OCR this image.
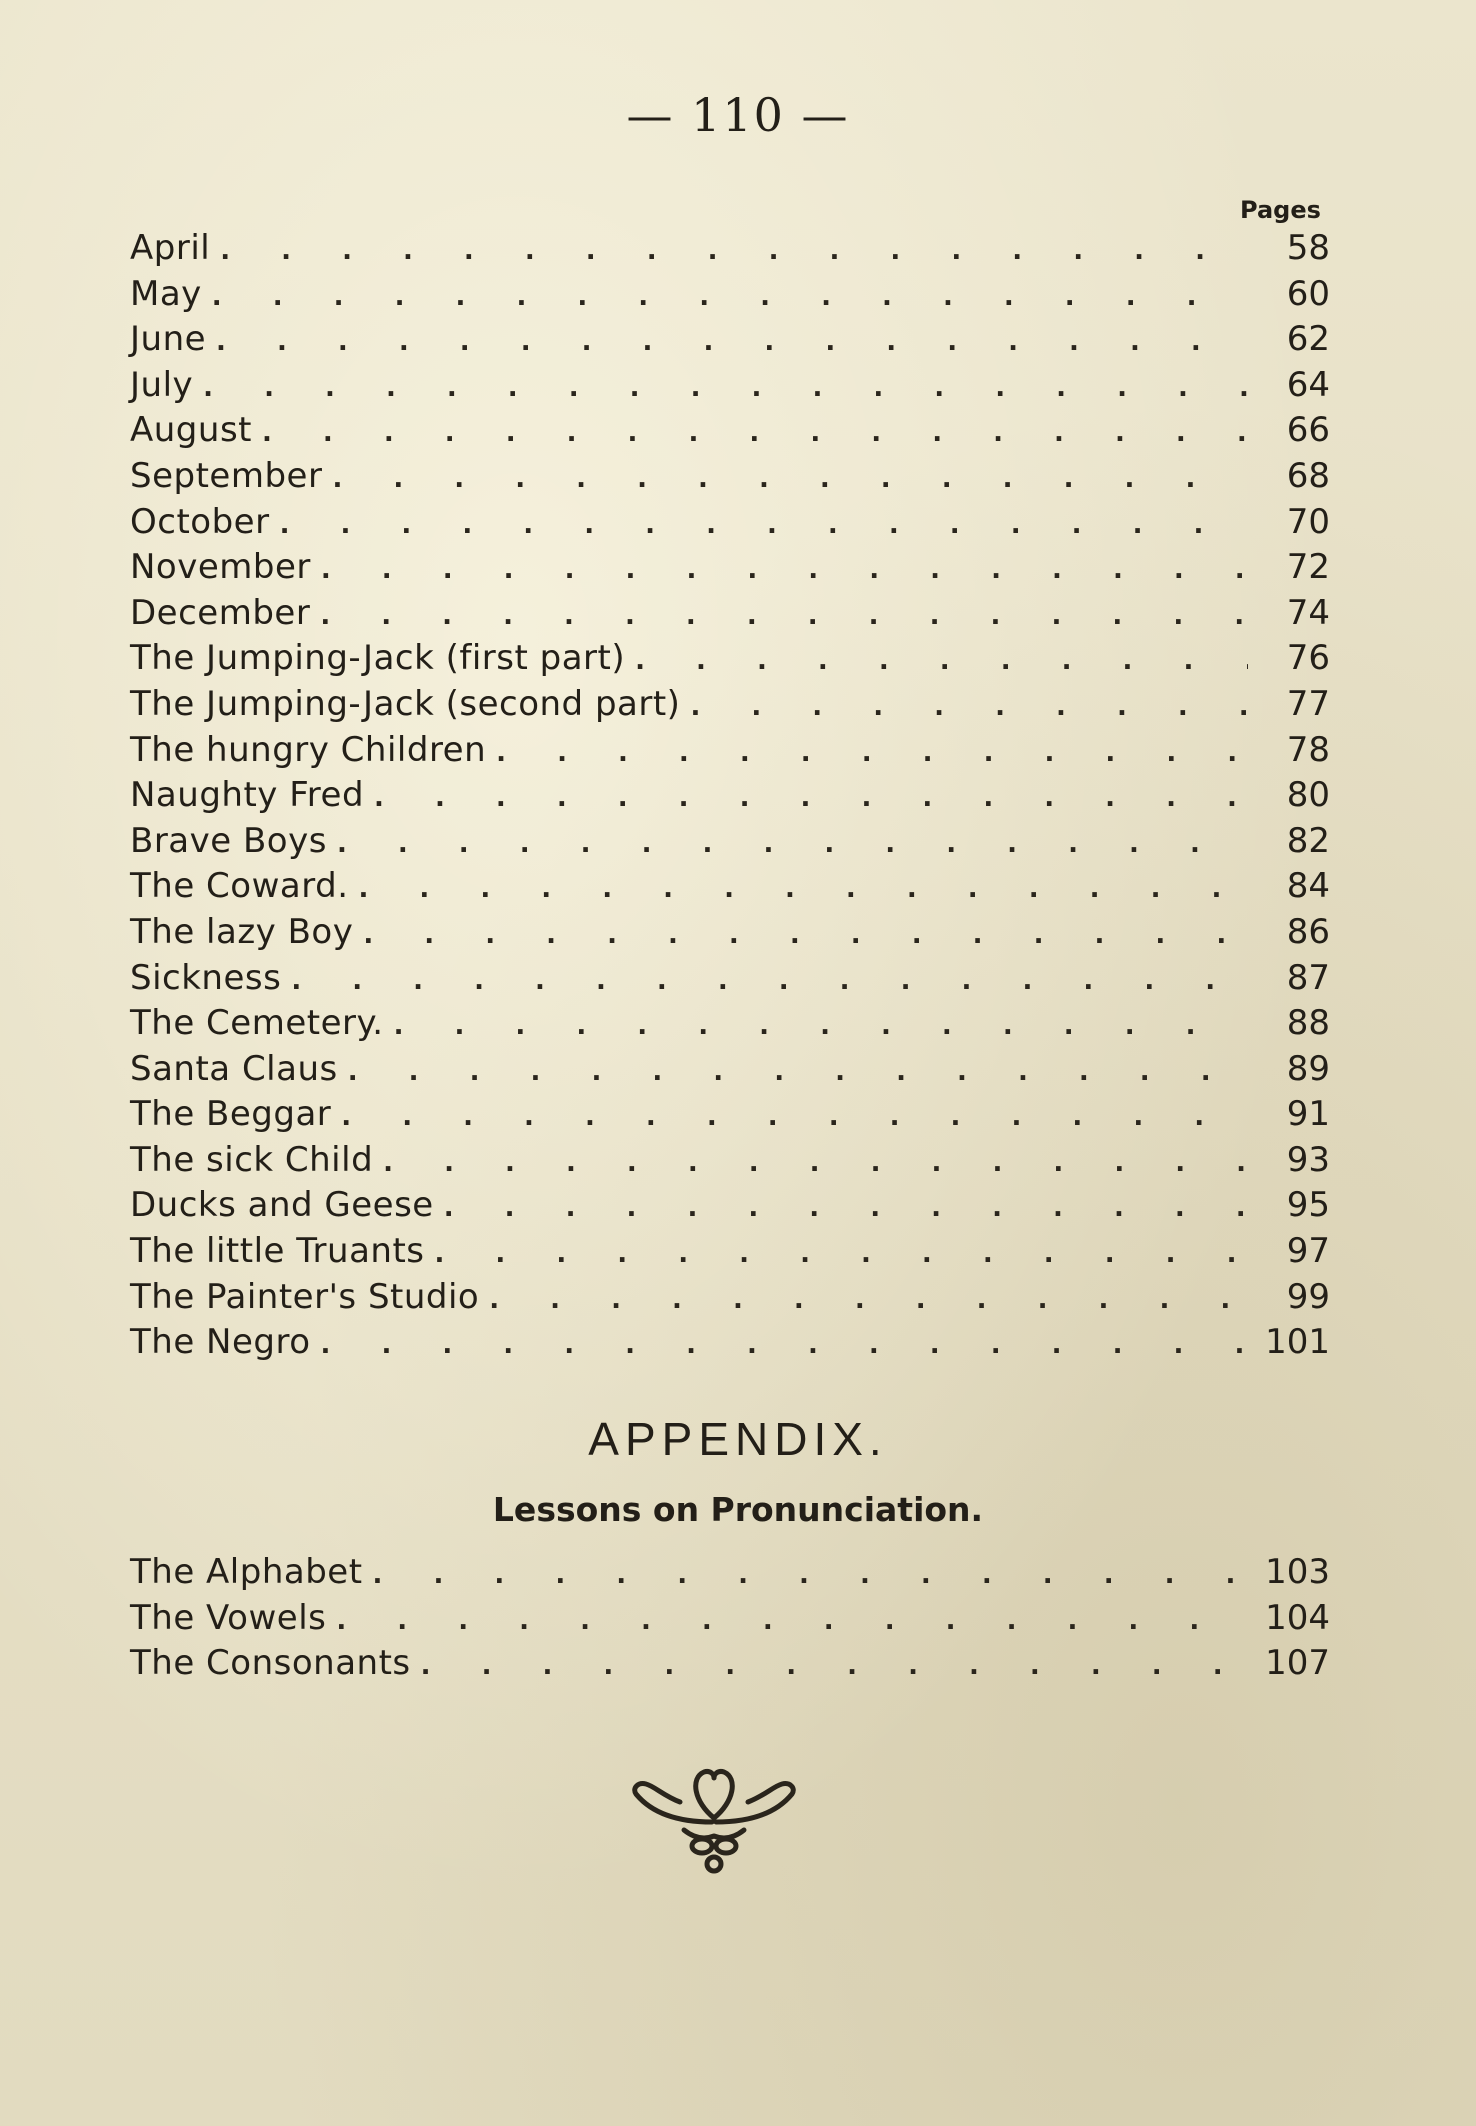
— 110 —
Pages
April . . .	58
May . . .	60
June . . .	62
July . . .	64
August . . .	66
September . . .	68
October . . .	70
November . . .	72
December . . .	74
The Jumping-Jack (first part) . . .	76
The Jumping-Jack (second part) . . .	77
The hungry Children . . .	78
Naughty Fred . . .	80
Brave Boys . . .	82
The Coward. . . .	84
The lazy Boy . . .	86
Sickness . . .	87
The Cemetery. . . .	88
Santa Claus . . .	89
The Beggar . . .	91
The sick Child . . .	93
Ducks and Geese . . .	95
The little Truants . . .	97
The Painter's Studio . . .	99
The Negro . . .	101
APPENDIX.
Lessons on Pronunciation.
The Alphabet . . .	103
The Vowels . . .	104
The Consonants . . .	107
